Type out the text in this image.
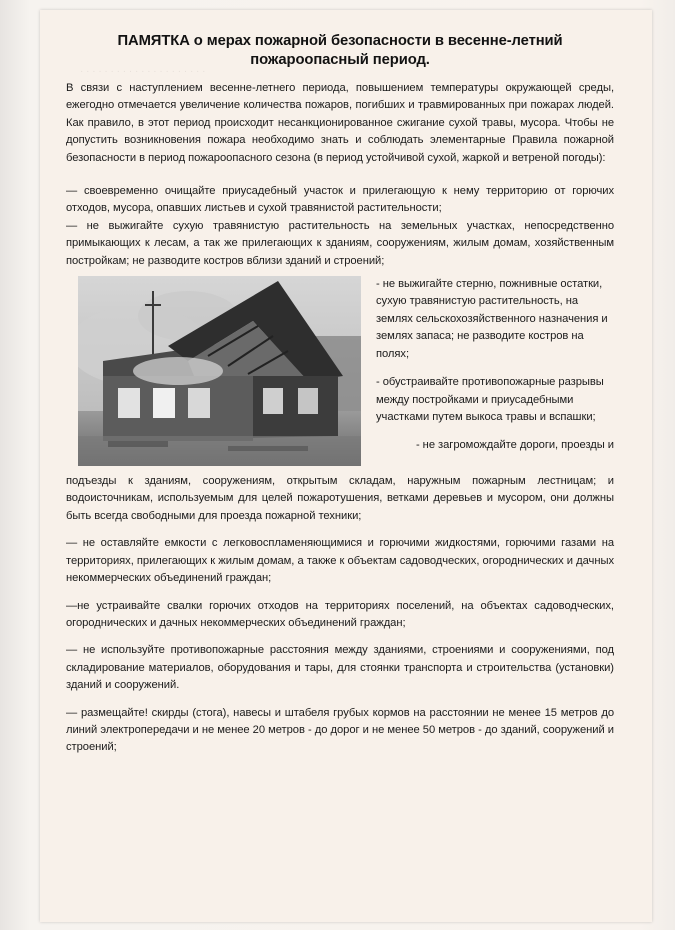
· · · · · · · · · · · · · · · · · · · · ·
ПАМЯТКА о мерах пожарной безопасности в весенне-летний пожароопасный период.

В связи с наступлением весенне-летнего периода, повышением температуры окружающей среды, ежегодно отмечается увеличение количества пожаров, погибших и травмированных при пожарах людей. Как правило, в этот период происходит несанкционированное сжигание сухой травы, мусора. Чтобы не допустить возникновения пожара необходимо знать и соблюдать элементарные Правила пожарной безопасности в период пожароопасного сезона (в период устойчивой сухой, жаркой и ветреной погоды):

— своевременно очищайте приусадебный участок и прилегающую к нему территорию от горючих отходов, мусора, опавших листьев и сухой травянистой растительности;

— не выжигайте сухую травянистую растительность на земельных участках, непосредственно примыкающих к лесам, а так же прилегающих к зданиям, сооружениям, жилым домам, хозяйственным постройкам; не разводите костров вблизи зданий и строений;

- не выжигайте стерню, пожнивные остатки, сухую травянистую растительность, на землях сельскохозяйственного назначения и землях запаса; не разводите костров на полях;

- обустраивайте противопожарные разрывы между постройками и приусадебными участками путем выкоса травы и вспашки;

- не загромождайте дороги, проезды и

подъезды к зданиям, сооружениям, открытым складам, наружным пожарным лестницам; и водоисточникам, используемым для целей пожаротушения, ветками деревьев и мусором, они должны быть всегда свободными для проезда пожарной техники;

— не оставляйте емкости с легковоспламеняющимися и горючими жидкостями, горючими газами на территориях, прилегающих к жилым домам, а также к объектам садоводческих, огороднических и дачных некоммерческих объединений граждан;

—не устраивайте свалки горючих отходов на территориях поселений, на объектах садоводческих, огороднических и дачных некоммерческих объединений граждан;

— не используйте противопожарные расстояния между зданиями, строениями и сооружениями, под складирование материалов, оборудования и тары, для стоянки транспорта и строительства (установки) зданий и сооружений.

— размещайте! скирды (стога), навесы и штабеля грубых кормов на расстоянии не менее 15 метров до линий электропередачи и не менее 20 метров - до дорог и не менее 50 метров - до зданий, сооружений и строений;
